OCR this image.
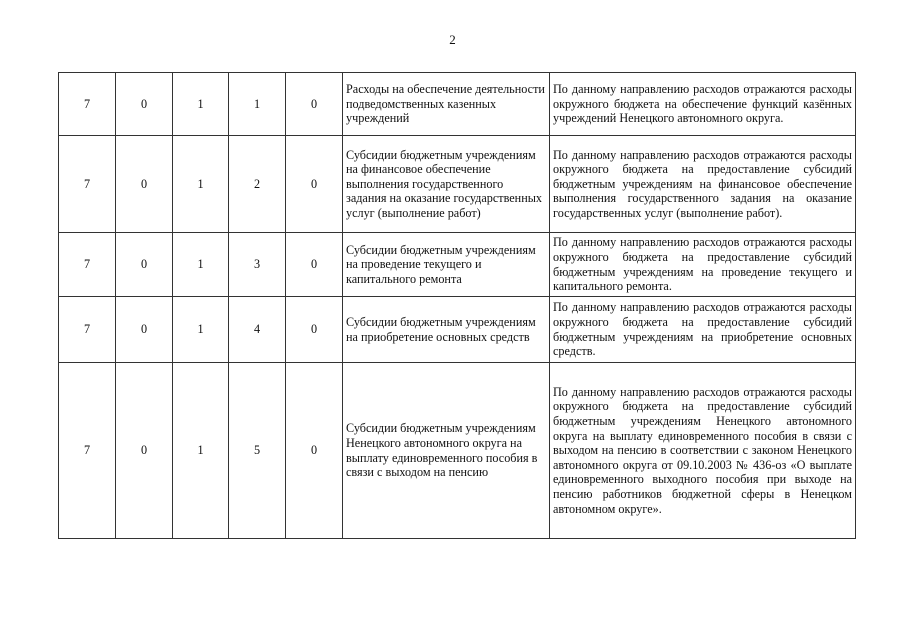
2
7	0	1	1	0	Расходы на обеспечение деятельности подведомственных казенных учреждений	По данному направлению расходов отражаются расходы окружного бюджета на обеспечение функций казённых учреждений Ненецкого автономного округа.
7	0	1	2	0	Субсидии бюджетным учреждениям на финансовое обеспечение выполнения государственного задания на оказание государственных услуг (выполнение работ)	По данному направлению расходов отражаются расходы окружного бюджета на предоставление субсидий бюджетным учреждениям на финансовое обеспечение выполнения государственного задания на оказание государственных услуг (выполнение работ).
7	0	1	3	0	Субсидии бюджетным учреждениям на проведение текущего и капитального ремонта	По данному направлению расходов отражаются расходы окружного бюджета на предоставление субсидий бюджетным учреждениям на проведение текущего и капитального ремонта.
7	0	1	4	0	Субсидии бюджетным учреждениям на приобретение основных средств	По данному направлению расходов отражаются расходы окружного бюджета на предоставление субсидий бюджетным учреждениям на приобретение основных средств.
7	0	1	5	0	Субсидии бюджетным учреждениям Ненецкого автономного округа на выплату единовременного пособия в связи с выходом на пенсию	По данному направлению расходов отражаются расходы окружного бюджета на предоставление субсидий бюджетным учреждениям Ненецкого автономного округа на выплату единовременного пособия в связи с выходом на пенсию в соответствии с законом Ненецкого автономного округа от 09.10.2003 № 436-оз «О выплате единовременного выходного пособия при выходе на пенсию работников бюджетной сферы в Ненецком автономном округе».
